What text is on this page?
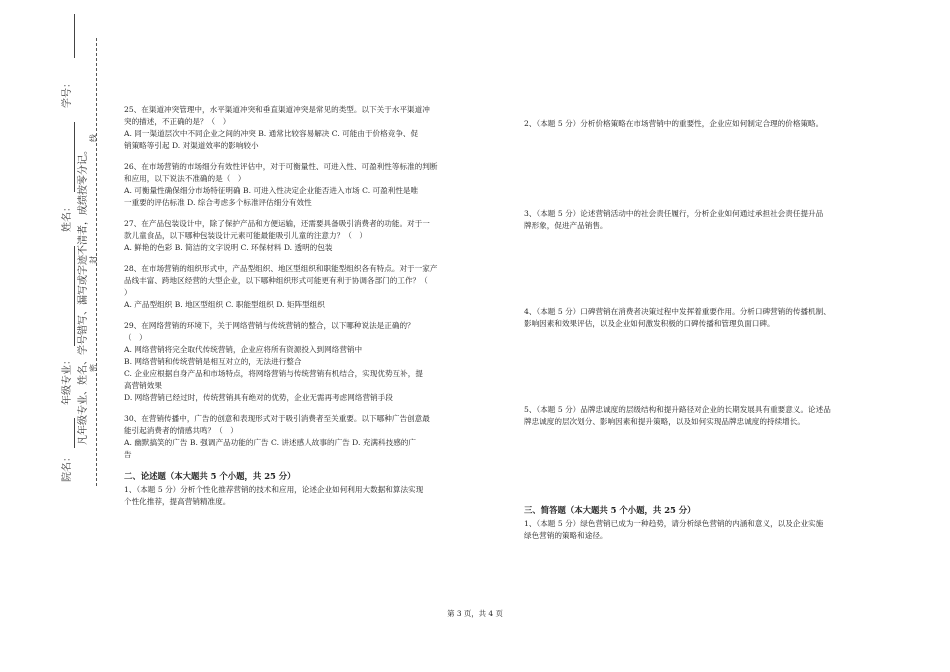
学号：
姓名：
年级专业：
院名：
凡年级专业、姓名、学号错写、漏写或字迹不清者，成绩按零分记。 密
封
线

25、在渠道冲突管理中，水平渠道冲突和垂直渠道冲突是常见的类型。以下关于水平渠道冲

突的描述，不正确的是？（　）

A. 同一渠道层次中不同企业之间的冲突 B. 通常比较容易解决 C. 可能由于价格竞争、促

销策略等引起 D. 对渠道效率的影响较小

26、在市场营销的市场细分有效性评估中，对于可衡量性、可进入性、可盈利性等标准的判断

和应用，以下说法不准确的是（　）

A. 可衡量性确保细分市场特征明确 B. 可进入性决定企业能否进入市场 C. 可盈利性是唯

一重要的评估标准 D. 综合考虑多个标准评估细分有效性

27、在产品包装设计中，除了保护产品和方便运输，还需要具备吸引消费者的功能。对于一

款儿童食品，以下哪种包装设计元素可能最能吸引儿童的注意力？（　）

A. 鲜艳的色彩 B. 简洁的文字说明 C. 环保材料 D. 透明的包装

28、在市场营销的组织形式中，产品型组织、地区型组织和职能型组织各有特点。对于一家产

品线丰富、跨地区经营的大型企业，以下哪种组织形式可能更有利于协调各部门的工作？（

）

A. 产品型组织 B. 地区型组织 C. 职能型组织 D. 矩阵型组织

29、在网络营销的环境下，关于网络营销与传统营销的整合，以下哪种说法是正确的？

（　）

A. 网络营销将完全取代传统营销，企业应将所有资源投入到网络营销中

B. 网络营销和传统营销是相互对立的，无法进行整合

C. 企业应根据自身产品和市场特点，将网络营销与传统营销有机结合，实现优势互补，提

高营销效果

D. 网络营销已经过时，传统营销具有绝对的优势，企业无需再考虑网络营销手段

30、在营销传播中，广告的创意和表现形式对于吸引消费者至关重要。以下哪种广告创意最

能引起消费者的情感共鸣？（　）

A. 幽默搞笑的广告 B. 强调产品功能的广告 C. 讲述感人故事的广告 D. 充满科技感的广

告

二、论述题（本大题共 5 个小题，共 25 分）

1、（本题 5 分）分析个性化推荐营销的技术和应用，论述企业如何利用大数据和算法实现

个性化推荐，提高营销精准度。

2、（本题 5 分）分析价格策略在市场营销中的重要性，企业应如何制定合理的价格策略。

3、（本题 5 分）论述营销活动中的社会责任履行，分析企业如何通过承担社会责任提升品

牌形象，促进产品销售。

4、（本题 5 分）口碑营销在消费者决策过程中发挥着重要作用。分析口碑营销的传播机制、

影响因素和效果评估，以及企业如何激发积极的口碑传播和管理负面口碑。

5、（本题 5 分）品牌忠诚度的层级结构和提升路径对企业的长期发展具有重要意义。论述品

牌忠诚度的层次划分、影响因素和提升策略，以及如何实现品牌忠诚度的持续增长。

三、简答题（本大题共 5 个小题，共 25 分）

1、（本题 5 分）绿色营销已成为一种趋势，请分析绿色营销的内涵和意义，以及企业实施

绿色营销的策略和途径。

第 3 页，共 4 页
